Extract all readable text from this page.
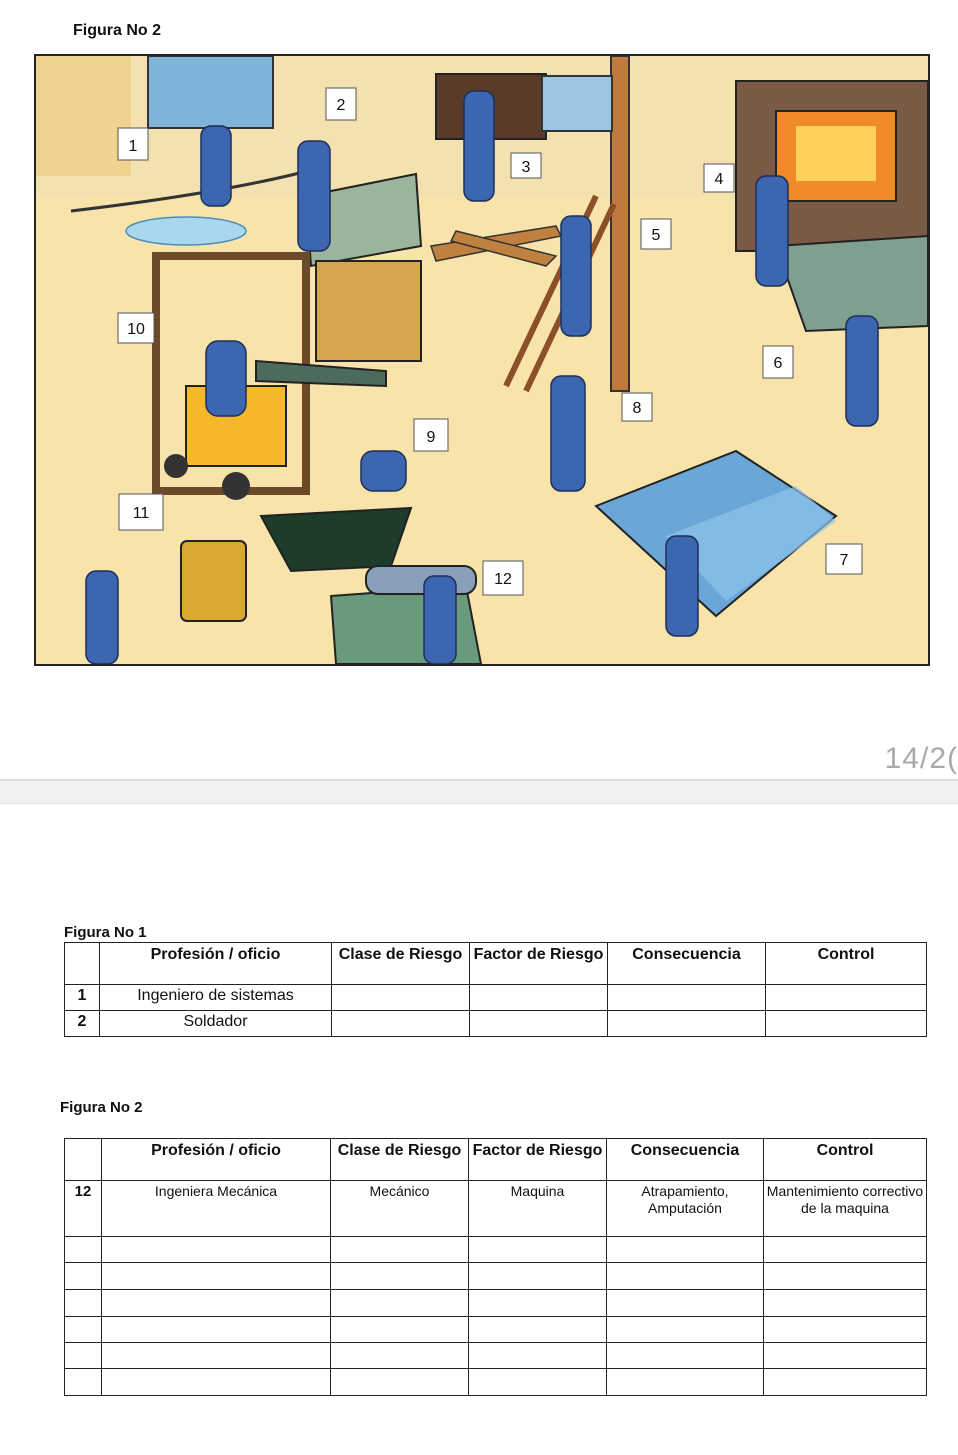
Figura No 2
1
2
3
4
5
6
7
8
9
10
11
12
14/2(
Figura No 1
	Profesión / oficio	Clase de Riesgo	Factor de Riesgo	Consecuencia	Control
1	Ingeniero de sistemas				
2	Soldador				
Figura No 2
	Profesión / oficio	Clase de Riesgo	Factor de Riesgo	Consecuencia	Control
12	Ingeniera Mecánica	Mecánico	Maquina	Atrapamiento, Amputación	Mantenimiento correctivo de la maquina
